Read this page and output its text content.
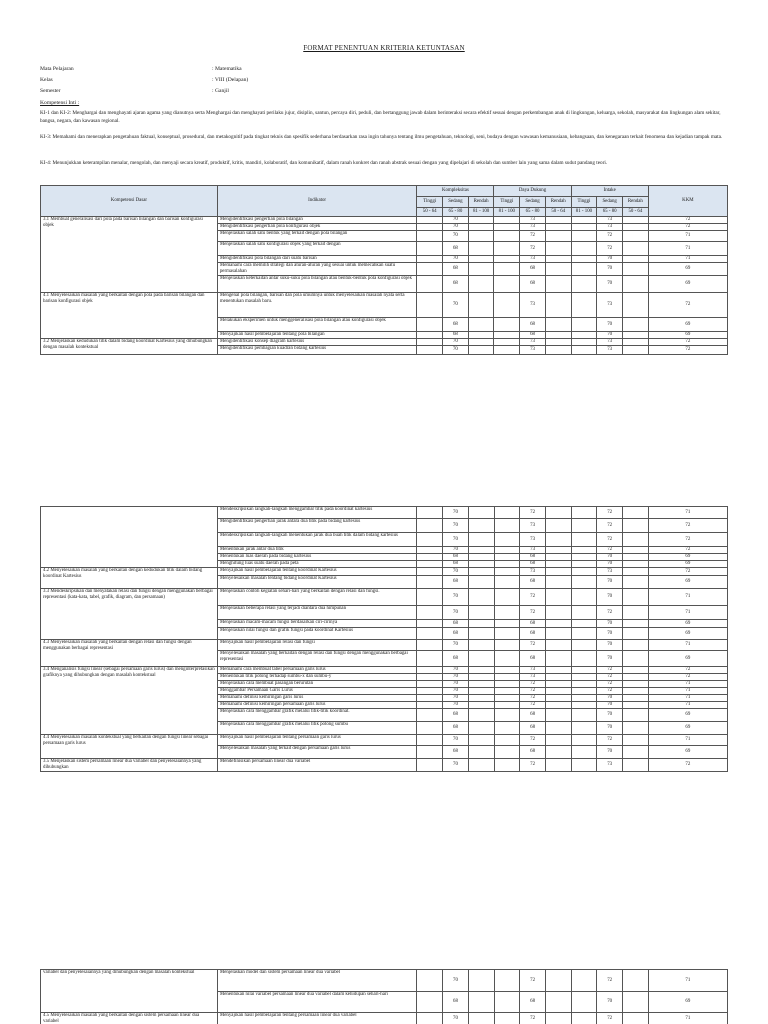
FORMAT PENENTUAN KRITERIA KETUNTASAN
Mata Pelajaran	: Matematika
Kelas	: VIII (Delapan)
Semester	: Ganjil
Kompetensi Inti :
KI-1 dan KI-2: Menghargai dan menghayati ajaran agama yang dianutnya serta Menghargai dan menghayati perilaku jujur, disiplin, santun, percaya diri, peduli, dan bertanggung jawab dalam berinteraksi secara efektif sesuai dengan perkembangan anak di lingkungan, keluarga, sekolah, masyarakat dan lingkungan alam sekitar, bangsa, negara, dan kawasan regional.
KI-3: Memahami dan menerapkan pengetahuan faktual, konseptual, prosedural, dan metakognitif pada tingkat teknis dan spesifik sederhana berdasarkan rasa ingin tahunya tentang ilmu pengetahuan, teknologi, seni, budaya dengan wawasan kemanusiaan, kebangsaan, dan kenegaraan terkait fenomena dan kejadian tampak mata.
KI-4: Menunjukkan keterampilan menalar, mengolah, dan menyaji secara kreatif, produktif, kritis, mandiri, kolaboratif, dan komunikatif, dalam ranah konkret dan ranah abstrak sesuai dengan yang dipelajari di sekolah dan sumber lain yang sama dalam sudut pandang teori.
Kompetensi Dasar	Indikator	Kompleksitas			Daya Dukung			Intake			KKM
		Tinggi	Sedang	Rendah	Tinggi	Sedang	Rendah	Tinggi	Sedang	Rendah	
		50 - 64	65 - 80	81 - 100	81 - 100	65 - 80	50 - 64	81 - 100	65 - 80	50 - 64	
3.1 Membuat generalisasi dari pola pada barisan bilangan dan barisan konfigurasi objek	Mengidentifikasi pengertian pola bilangan		70			73			73		72
	Mengidentifikasi pengertian pola konfigurasi objek		70			73			73		72
	Menjelaskan salah satu bentuk yang terkait dengan pola bilangan		70			72			72		71
	Menjelaskan salah satu konfigurasi objek yang terkait dengan		68			72			72		71
	Mengidentifikasi pola bilangan dari suatu barisan		70			73			70		71
	Memahami cara memilih strategi dan aturan-aturan yang sesuai untuk memecahkan suatu permasalahan		68			68			70		69
	Menjelaskan keterkaitan antar suku-suku pola bilangan atau bentuk-bentuk pola konfigurasi objek		68			68			70		69
4.1 Menyelesaikan masalah yang berkaitan dengan pola pada barisan bilangan dan barisan konfigurasi objek	Mengenal pola bilangan, barisan dan pola umumnya untuk menyelesaikan masalah nyata serta menentukan masalah baru.		70			73			73		72
	Melakukan eksperimen untuk menggeneralisasi pola bilangan atau konfigurasi objek		68			68			70		69
	Menyajikan hasil pembelajaran tentang pola bilangan		68			68			70		69
3.2 Menjelaskan kedudukan titik dalam bidang koordinat Kartesius yang dihubungkan dengan masalah kontekstual	Mengidentifikasi konsep diagram kartesius		70			73			73		72
	Mengidentifikasi pembagian kuadran bidang kartesius		70			73			73		72
	Mendeskripsikan langkah-langkah menggambar titik pada koordinat kartesius		70			72			72		71
	Mengidentifikasi pengertian jarak antara dua titik pada bidang kartesius		70			73			72		72
	Mendeskripsikan langkah-langkah menentukan jarak dua buah titik dalam bidang kartesius		70			73			72		72
	Menentukan jarak antar dua titik		70			73			72		72
	Menentukan luas daerah pada bidang kartesius		68			68			70		69
	Menghitung luas suatu daerah pada peta		68			68			70		69
4.2 Menyelesaikan masalah yang berkaitan dengan kedudukan titik dalam bidang koordinat Kartesius	Menyajikan hasil pembelajaran tentang koordinat Kartesius		70			73			73		72
	Menyelesaikan masalah tentang bidang koordinat Kartesius		68			68			70		69
3.3 Mendeskripsikan dan menyatakan relasi dan fungsi dengan menggunakan berbagai representasi (kata-kata, tabel, grafik, diagram, dan persamaan)	Menjelaskan contoh kegiatan sehari-hari yang berkaitan dengan relasi dan fungsi.		70			72			70		71
	Menjelaskan beberapa relasi yang terjadi diantara dua himpunan		70			72			72		71
	Menjelaskan macam-macam fungsi berdasarkan ciri-cirinya		68			68			70		69
	Menjelaskan nilai fungsi dan grafik fungsi pada koordinat Kartesius		68			68			70		69
4.3 Menyelesaikan masalah yang berkaitan dengan relasi dan fungsi dengan menggunakan berbagai representasi	Menyajikan hasil pembelajaran relasi dan fungsi		70			72			70		71
	Menyelesaikan masalah yang berkaitan dengan relasi dan fungsi dengan menggunakan berbagai representasi		68			68			70		69
3.4 Menganalisis fungsi linear (sebagai persamaan garis lurus) dan menginterpretasikan grafiknya yang dihubungkan dengan masalah kontekstual	Memahami cara membuat tabel persamaan garis lurus		70			73			72		72
	Menentukan titik potong terhadap sumbu-x dan sumbu-y		70			73			72		72
	Menjelaskan cara membuat pasangan berurutan		70			72			72		71
	Menggambar Persamaan Garis Lurus		70			72			72		71
	Memahami definisi kemiringan garis lurus		70			72			70		71
	Memahami definisi kemiringan persamaan garis lurus		70			72			70		71
	Menjelaskan cara menggambar grafik melalui titik-titik koordinat.		68			68			70		69
	Menjelaskan cara menggambar grafik melalui titik potong sumbu		68			68			70		69
4.4 Menyelesaikan masalah kontekstual yang berkaitan dengan fungsi linear sebagai persamaan garis lurus	Menyajikan hasil pembelajaran tentang persamaan garis lurus		70			72			72		71
	Menyelesaikan masalah yang terkait dengan persamaan garis lurus		68			68			70		69
3.5 Menjelaskan sistem persamaan linear dua variabel dan penyelesaiannya yang dihubungkan	Mendefinisikan persamaan linear dua variabel		70			72			73		72
variabel dan penyelesaiannya yang dihubungkan dengan masalah kontekstual	Menjelaskan model dan sistem persamaan linear dua variabel		70			72			72		71
	Menentukan nilai variabel persamaan linear dua variabel dalam kehidupan sehari-hari		68			68			70		69
4.5 Menyelesaikan masalah yang berkaitan dengan sistem persamaan linear dua variabel	Menyajikan hasil pembelajaran tentang persamaan linear dua variabel		70			72			72		71
